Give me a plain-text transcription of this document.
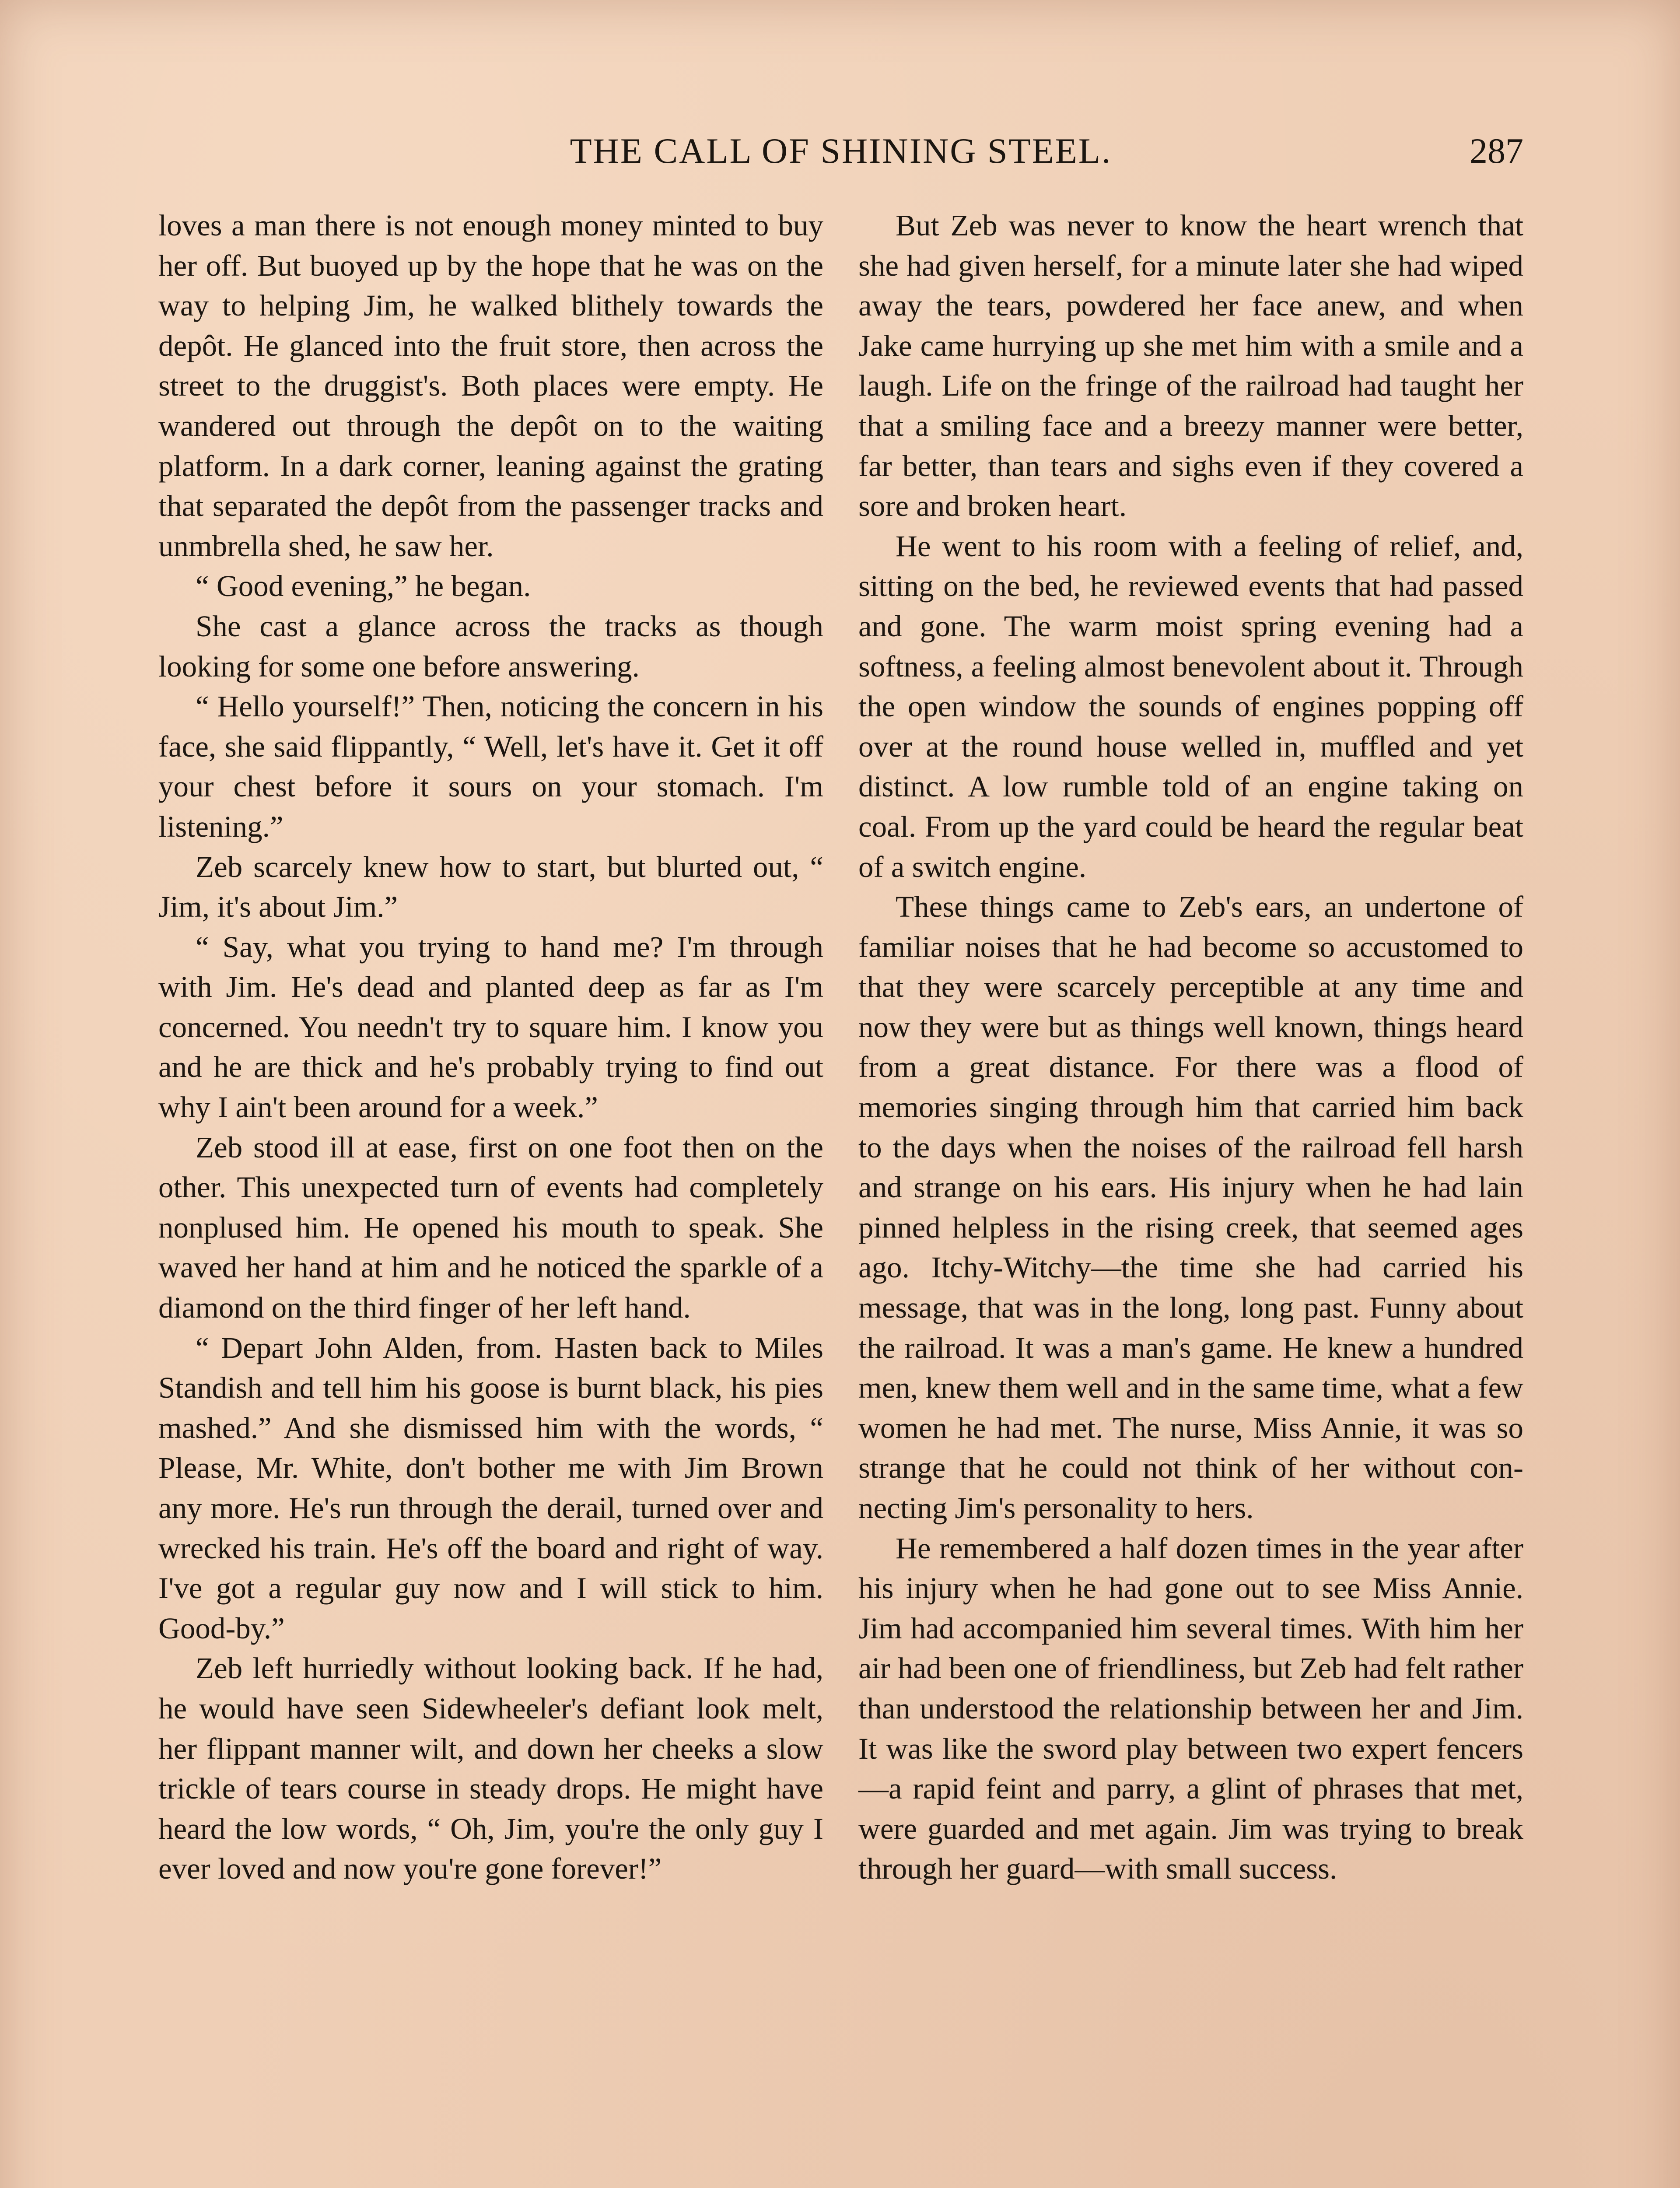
THE CALL OF SHINING STEEL.	287

loves a man there is not enough money minted to buy her off. But buoyed up by the hope that he was on the way to helping Jim, he walked blithely towards the depôt. He glanced into the fruit store, then across the street to the druggist's. Both places were empty. He wandered out through the depôt on to the waiting platform. In a dark corner, leaning against the grating that separated the depôt from the passenger tracks and unmbrella shed, he saw her.

“ Good evening,” he began.

She cast a glance across the tracks as though looking for some one before answering.

“ Hello yourself!” Then, noticing the concern in his face, she said flippantly, “ Well, let's have it. Get it off your chest before it sours on your stomach. I'm listening.”

Zeb scarcely knew how to start, but blurted out, “ Jim, it's about Jim.”

“ Say, what you trying to hand me? I'm through with Jim. He's dead and planted deep as far as I'm concerned. You needn't try to square him. I know you and he are thick and he's probably trying to find out why I ain't been around for a week.”

Zeb stood ill at ease, first on one foot then on the other. This unexpected turn of events had completely nonplused him. He opened his mouth to speak. She waved her hand at him and he noticed the sparkle of a diamond on the third finger of her left hand.

“ Depart John Alden, from. Hasten back to Miles Standish and tell him his goose is burnt black, his pies mashed.” And she dismissed him with the words, “ Please, Mr. White, don't bother me with Jim Brown any more. He's run through the derail, turned over and wrecked his train. He's off the board and right of way. I've got a regular guy now and I will stick to him. Good-by.”

Zeb left hurriedly without looking back. If he had, he would have seen Sidewheeler's defiant look melt, her flippant manner wilt, and down her cheeks a slow trickle of tears course in steady drops. He might have heard the low words, “ Oh, Jim, you're the only guy I ever loved and now you're gone forever!”

But Zeb was never to know the heart wrench that she had given herself, for a minute later she had wiped away the tears, powdered her face anew, and when Jake came hurrying up she met him with a smile and a laugh. Life on the fringe of the railroad had taught her that a smiling face and a breezy manner were better, far better, than tears and sighs even if they covered a sore and broken heart.

He went to his room with a feeling of relief, and, sitting on the bed, he reviewed events that had passed and gone. The warm moist spring evening had a softness, a feeling almost benevolent about it. Through the open window the sounds of engines popping off over at the round house welled in, muffled and yet distinct. A low rumble told of an engine taking on coal. From up the yard could be heard the regular beat of a switch engine.

These things came to Zeb's ears, an undertone of familiar noises that he had become so accustomed to that they were scarcely perceptible at any time and now they were but as things well known, things heard from a great distance. For there was a flood of memories singing through him that carried him back to the days when the noises of the railroad fell harsh and strange on his ears. His injury when he had lain pinned helpless in the rising creek, that seemed ages ago. Itchy-Witchy—the time she had carried his message, that was in the long, long past. Funny about the railroad. It was a man's game. He knew a hundred men, knew them well and in the same time, what a few women he had met. The nurse, Miss Annie, it was so strange that he could not think of her without connecting Jim's personality to hers.

He remembered a half dozen times in the year after his injury when he had gone out to see Miss Annie. Jim had accompanied him several times. With him her air had been one of friendliness, but Zeb had felt rather than understood the relationship between her and Jim. It was like the sword play between two expert fencers—a rapid feint and parry, a glint of phrases that met, were guarded and met again. Jim was trying to break through her guard—with small success.
